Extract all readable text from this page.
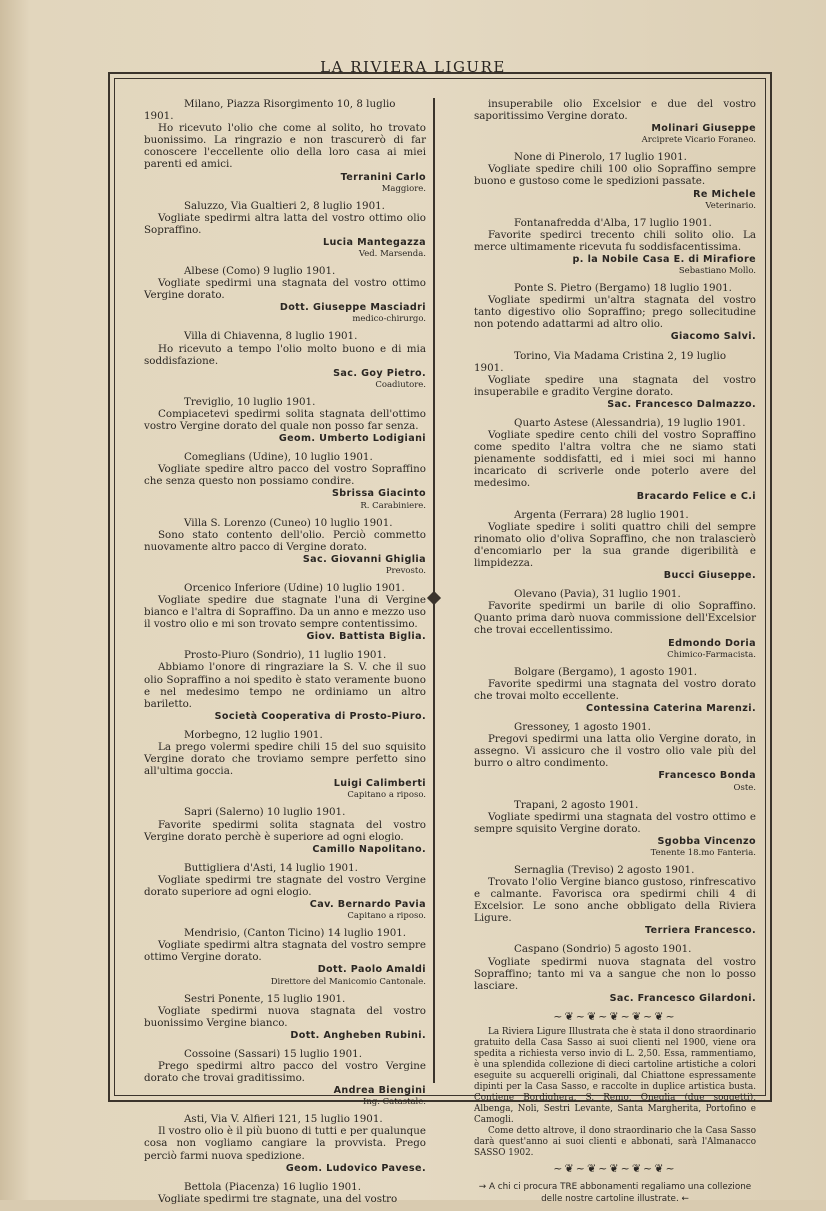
LA RIVIERA LIGURE
Milano, Piazza Risorgimento 10, 8 luglio 1901.
Ho ricevuto l'olio che come al solito, ho trovato buonissimo. La ringrazio e non trascurerò di far conoscere l'eccellente olio della loro casa ai miei parenti ed amici.
Terranini Carlo
Maggiore.
Saluzzo, Via Gualtieri 2, 8 luglio 1901.
Vogliate spedirmi altra latta del vostro ottimo olio Sopraffino.
Lucia Mantegazza
Ved. Marsenda.
Albese (Como) 9 luglio 1901.
Vogliate spedirmi una stagnata del vostro ottimo Vergine dorato.
Dott. Giuseppe Masciadri
medico-chirurgo.
Villa di Chiavenna, 8 luglio 1901.
Ho ricevuto a tempo l'olio molto buono e di mia soddisfazione.
Sac. Goy Pietro.
Coadiutore.
Treviglio, 10 luglio 1901.
Compiacetevi spedirmi solita stagnata dell'ottimo vostro Vergine dorato del quale non posso far senza.
Geom. Umberto Lodigiani
Comeglians (Udine), 10 luglio 1901.
Vogliate spedire altro pacco del vostro Sopraffino che senza questo non possiamo condire.
Sbrissa Giacinto
R. Carabiniere.
Villa S. Lorenzo (Cuneo) 10 luglio 1901.
Sono stato contento dell'olio. Perciò commetto nuovamente altro pacco di Vergine dorato.
Sac. Giovanni Ghiglia
Prevosto.
Orcenico Inferiore (Udine) 10 luglio 1901.
Vogliate spedire due stagnate l'una di Vergine bianco e l'altra di Sopraffino. Da un anno e mezzo uso il vostro olio e mi son trovato sempre contentissimo.
Giov. Battista Biglia.
Prosto-Piuro (Sondrio), 11 luglio 1901.
Abbiamo l'onore di ringraziare la S. V. che il suo olio Sopraffino a noi spedito è stato veramente buono e nel medesimo tempo ne ordiniamo un altro bariletto.
Società Cooperativa di Prosto-Piuro.
Morbegno, 12 luglio 1901.
La prego volermi spedire chili 15 del suo squisito Vergine dorato che troviamo sempre perfetto sino all'ultima goccia.
Luigi Calimberti
Capitano a riposo.
Sapri (Salerno) 10 luglio 1901.
Favorite spedirmi solita stagnata del vostro Vergine dorato perchè è superiore ad ogni elogio.
Camillo Napolitano.
Buttigliera d'Asti, 14 luglio 1901.
Vogliate spedirmi tre stagnate del vostro Vergine dorato superiore ad ogni elogio.
Cav. Bernardo Pavia
Capitano a riposo.
Mendrisio, (Canton Ticino) 14 luglio 1901.
Vogliate spedirmi altra stagnata del vostro sempre ottimo Vergine dorato.
Dott. Paolo Amaldi
Direttore del Manicomio Cantonale.
Sestri Ponente, 15 luglio 1901.
Vogliate spedirmi nuova stagnata del vostro buonissimo Vergine bianco.
Dott. Angheben Rubini.
Cossoine (Sassari) 15 luglio 1901.
Prego spedirmi altro pacco del vostro Vergine dorato che trovai graditissimo.
Andrea Biengini
Ing. Catastale.
Asti, Via V. Alfieri 121, 15 luglio 1901.
Il vostro olio è il più buono di tutti e per qualunque cosa non vogliamo cangiare la provvista. Prego perciò farmi nuova spedizione.
Geom. Ludovico Pavese.
Bettola (Piacenza) 16 luglio 1901.
Vogliate spedirmi tre stagnate, una del vostro
insuperabile olio Excelsior e due del vostro saporitissimo Vergine dorato.
Molinari Giuseppe
Arciprete Vicario Foraneo.
None di Pinerolo, 17 luglio 1901.
Vogliate spedire chili 100 olio Sopraffino sempre buono e gustoso come le spedizioni passate.
Re Michele
Veterinario.
Fontanafredda d'Alba, 17 luglio 1901.
Favorite spedirci trecento chili solito olio. La merce ultimamente ricevuta fu soddisfacentissima.
p. la Nobile Casa E. di Mirafiore
Sebastiano Mollo.
Ponte S. Pietro (Bergamo) 18 luglio 1901.
Vogliate spedirmi un'altra stagnata del vostro tanto digestivo olio Sopraffino; prego sollecitudine non potendo adattarmi ad altro olio.
Giacomo Salvi.
Torino, Via Madama Cristina 2, 19 luglio 1901.
Vogliate spedire una stagnata del vostro insuperabile e gradito Vergine dorato.
Sac. Francesco Dalmazzo.
Quarto Astese (Alessandria), 19 luglio 1901.
Vogliate spedire cento chili del vostro Sopraffino come spedito l'altra voltra che ne siamo stati pienamente soddisfatti, ed i miei soci mi hanno incaricato di scriverle onde poterlo avere del medesimo.
Bracardo Felice e C.i
Argenta (Ferrara) 28 luglio 1901.
Vogliate spedire i soliti quattro chili del sempre rinomato olio d'oliva Sopraffino, che non tralascierò d'encomiarlo per la sua grande digeribilità e limpidezza.
Bucci Giuseppe.
Olevano (Pavia), 31 luglio 1901.
Favorite spedirmi un barile di olio Sopraffino. Quanto prima darò nuova commissione dell'Excelsior che trovai eccellentissimo.
Edmondo Doria
Chimico-Farmacista.
Bolgare (Bergamo), 1 agosto 1901.
Favorite spedirmi una stagnata del vostro dorato che trovai molto eccellente.
Contessina Caterina Marenzi.
Gressoney, 1 agosto 1901.
Pregovi spedirmi una latta olio Vergine dorato, in assegno. Vi assicuro che il vostro olio vale più del burro o altro condimento.
Francesco Bonda
Oste.
Trapani, 2 agosto 1901.
Vogliate spedirmi una stagnata del vostro ottimo e sempre squisito Vergine dorato.
Sgobba Vincenzo
Tenente 18.mo Fanteria.
Sernaglia (Treviso) 2 agosto 1901.
Trovato l'olio Vergine bianco gustoso, rinfrescativo e calmante. Favorisca ora spedirmi chili 4 di Excelsior. Le sono anche obbligato della Riviera Ligure.
Terriera Francesco.
Caspano (Sondrio) 5 agosto 1901.
Vogliate spedirmi nuova stagnata del vostro Sopraffino; tanto mi va a sangue che non lo posso lasciare.
Sac. Francesco Gilardoni.
~❦~❦~❦~❦~❦~
La Riviera Ligure Illustrata che è stata il dono straordinario gratuito della Casa Sasso ai suoi clienti nel 1900, viene ora spedita a richiesta verso invio di L. 2,50. Essa, rammentiamo, è una splendida collezione di dieci cartoline artistiche a colori eseguite su acquerelli originali, dal Chiattone espressamente dipinti per la Casa Sasso, e raccolte in duplice artistica busta. Contiene Bordighera, S. Remo, Oneglia (due soggetti), Albenga, Noli, Sestri Levante, Santa Margherita, Portofino e Camogli.
Come detto altrove, il dono straordinario che la Casa Sasso darà quest'anno ai suoi clienti e abbonati, sarà l'Almanacco SASSO 1902.
~❦~❦~❦~❦~❦~
→ A chi ci procura TRE abbonamenti regaliamo una collezione delle nostre cartoline illustrate. ←
